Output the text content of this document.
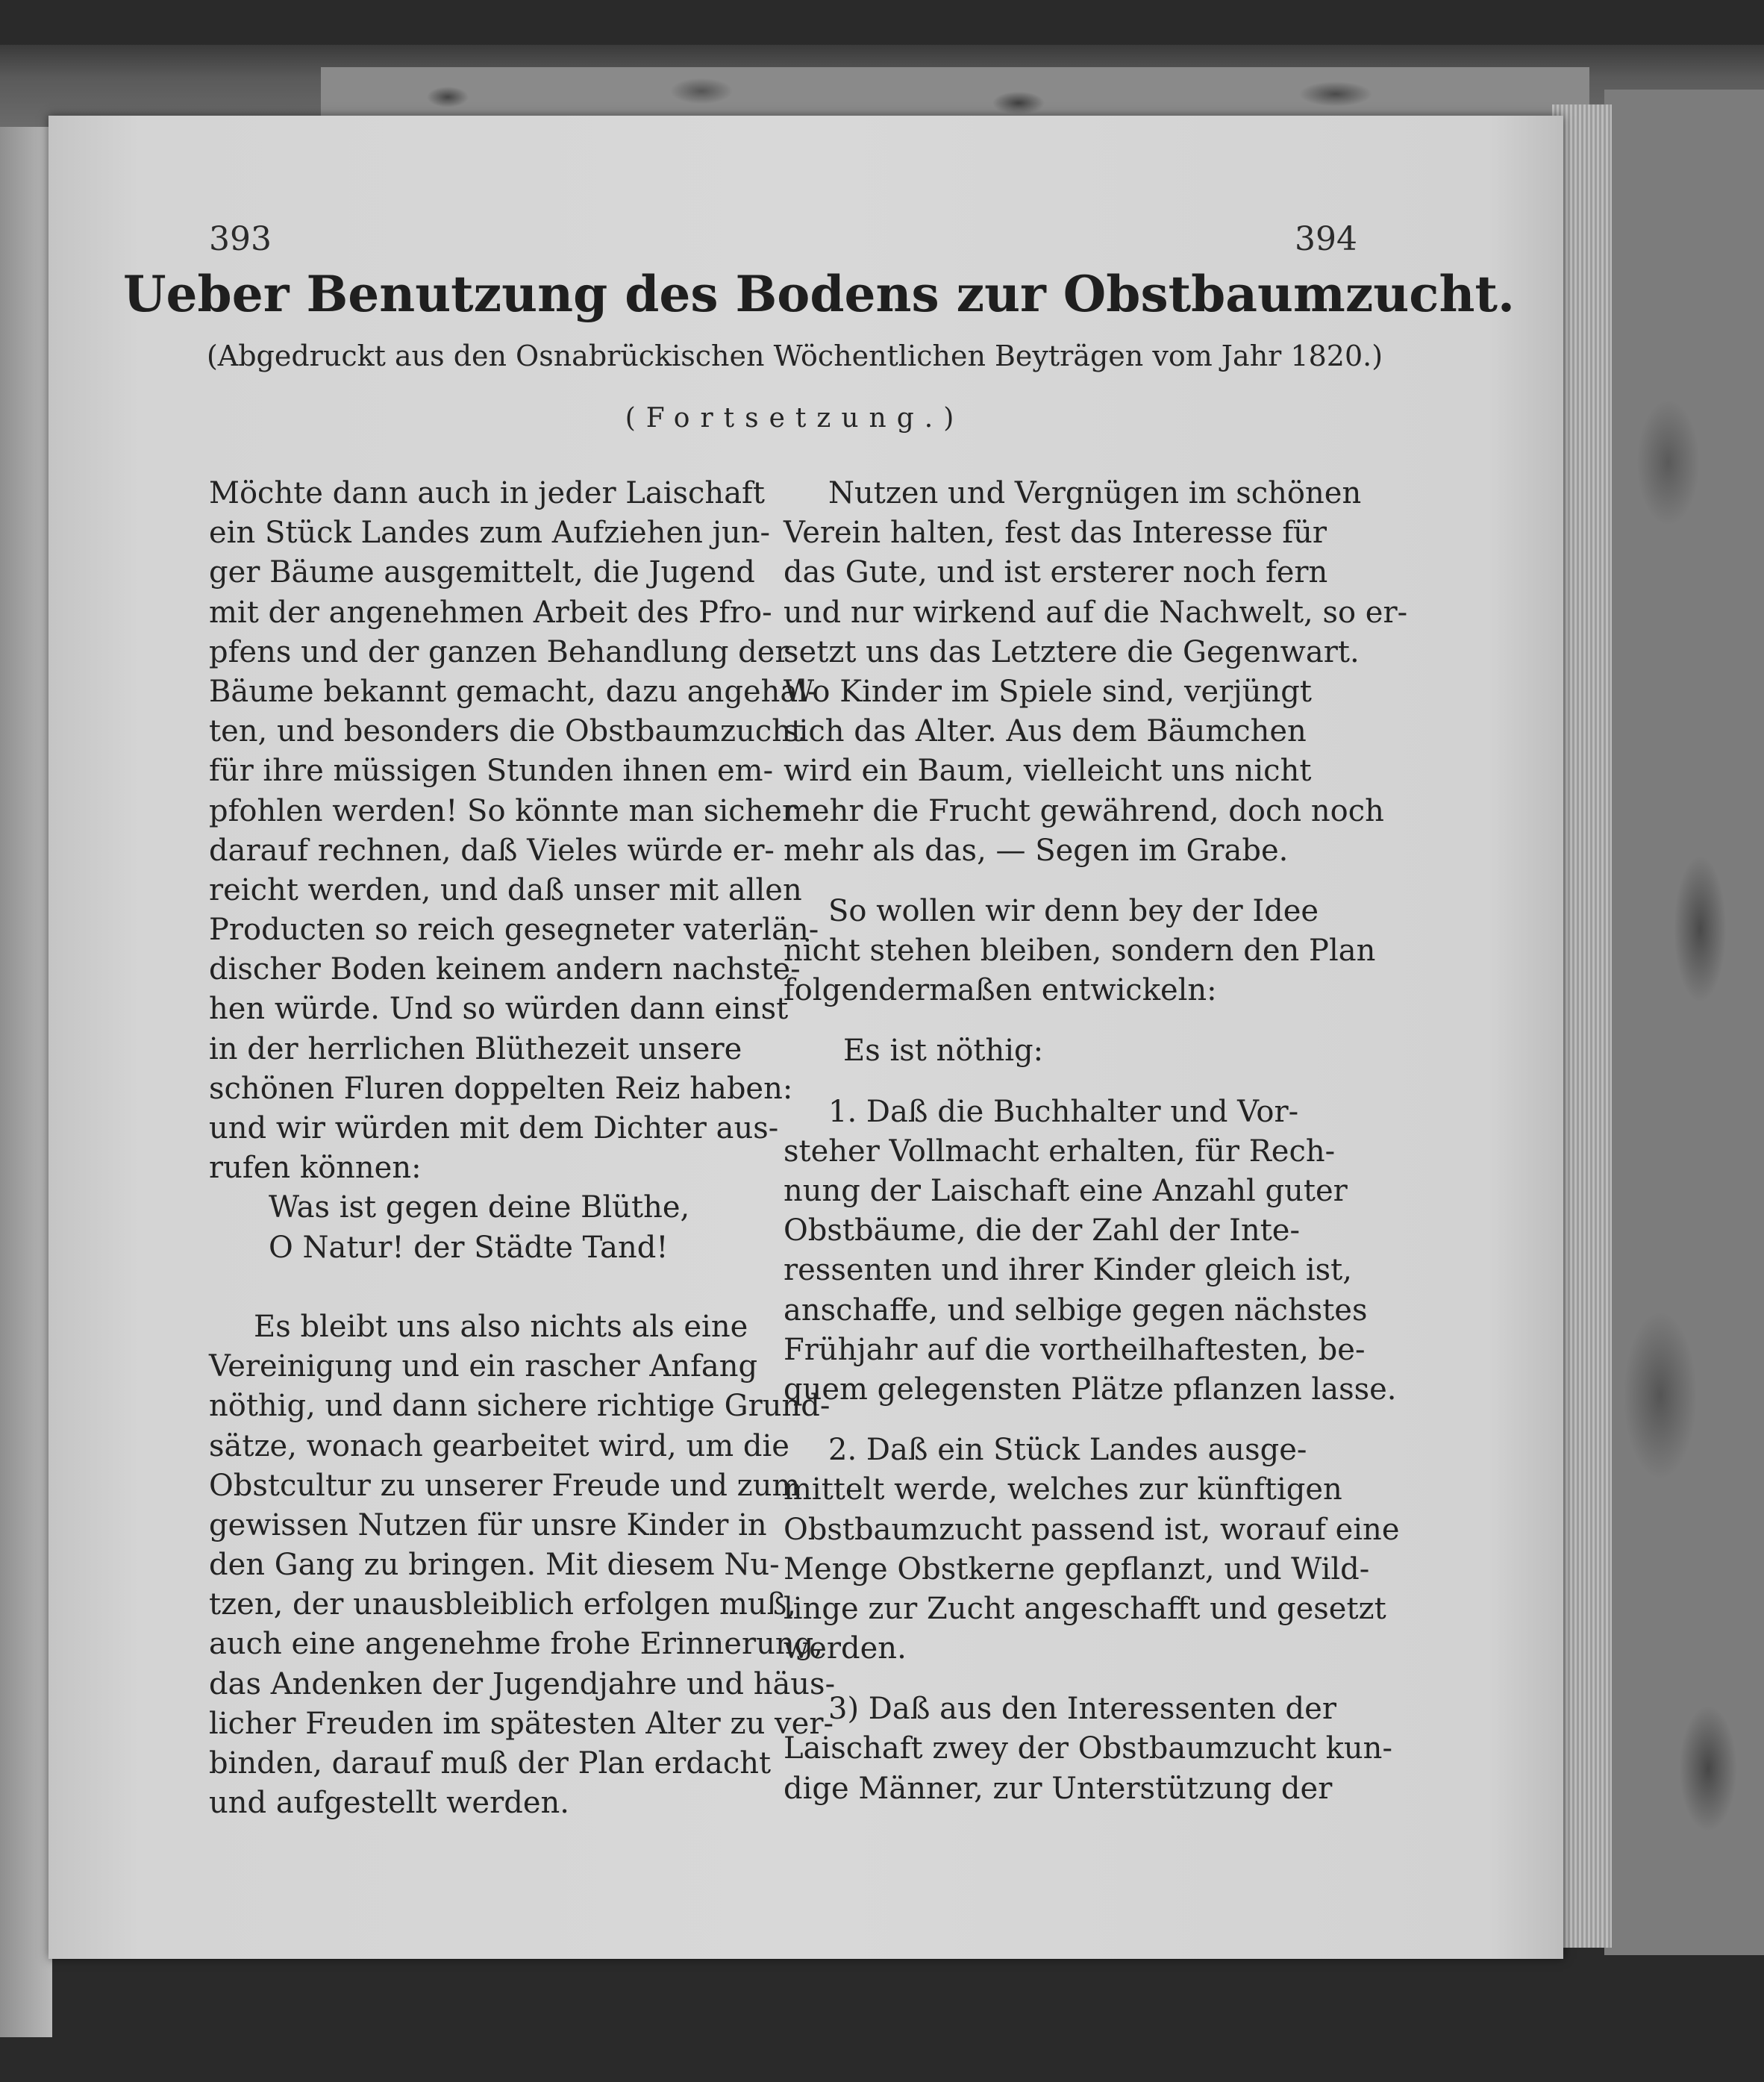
393	394
Ueber Benutzung des Bodens zur Obstbaumzucht.
(Abgedruckt aus den Osnabrückischen Wöchentlichen Beyträgen vom Jahr 1820.)
(Fortsetzung.)
Möchte dann auch in jeder Laischaft
ein Stück Landes zum Aufziehen jun-
ger Bäume ausgemittelt, die Jugend
mit der angenehmen Arbeit des Pfro-
pfens und der ganzen Behandlung der
Bäume bekannt gemacht, dazu angehal-
ten, und besonders die Obstbaumzucht
für ihre müssigen Stunden ihnen em-
pfohlen werden! So könnte man sicher
darauf rechnen, daß Vieles würde er-
reicht werden, und daß unser mit allen
Producten so reich gesegneter vaterlän-
discher Boden keinem andern nachste-
hen würde. Und so würden dann einst
in der herrlichen Blüthezeit unsere
schönen Fluren doppelten Reiz haben:
und wir würden mit dem Dichter aus-
rufen können:
Was ist gegen deine Blüthe,
O Natur! der Städte Tand!
Es bleibt uns also nichts als eine
Vereinigung und ein rascher Anfang
nöthig, und dann sichere richtige Grund-
sätze, wonach gearbeitet wird, um die
Obstcultur zu unserer Freude und zum
gewissen Nutzen für unsre Kinder in
den Gang zu bringen. Mit diesem Nu-
tzen, der unausbleiblich erfolgen muß,
auch eine angenehme frohe Erinnerung,
das Andenken der Jugendjahre und häus-
licher Freuden im spätesten Alter zu ver-
binden, darauf muß der Plan erdacht
und aufgestellt werden.
Nutzen und Vergnügen im schönen
Verein halten, fest das Interesse für
das Gute, und ist ersterer noch fern
und nur wirkend auf die Nachwelt, so er-
setzt uns das Letztere die Gegenwart.
Wo Kinder im Spiele sind, verjüngt
sich das Alter. Aus dem Bäumchen
wird ein Baum, vielleicht uns nicht
mehr die Frucht gewährend, doch noch
mehr als das, — Segen im Grabe.
So wollen wir denn bey der Idee
nicht stehen bleiben, sondern den Plan
folgendermaßen entwickeln:
Es ist nöthig:
1. Daß die Buchhalter und Vor-
steher Vollmacht erhalten, für Rech-
nung der Laischaft eine Anzahl guter
Obstbäume, die der Zahl der Inte-
ressenten und ihrer Kinder gleich ist,
anschaffe, und selbige gegen nächstes
Frühjahr auf die vortheilhaftesten, be-
quem gelegensten Plätze pflanzen lasse.
2. Daß ein Stück Landes ausge-
mittelt werde, welches zur künftigen
Obstbaumzucht passend ist, worauf eine
Menge Obstkerne gepflanzt, und Wild-
linge zur Zucht angeschafft und gesetzt
werden.
3) Daß aus den Interessenten der
Laischaft zwey der Obstbaumzucht kun-
dige Männer, zur Unterstützung der
